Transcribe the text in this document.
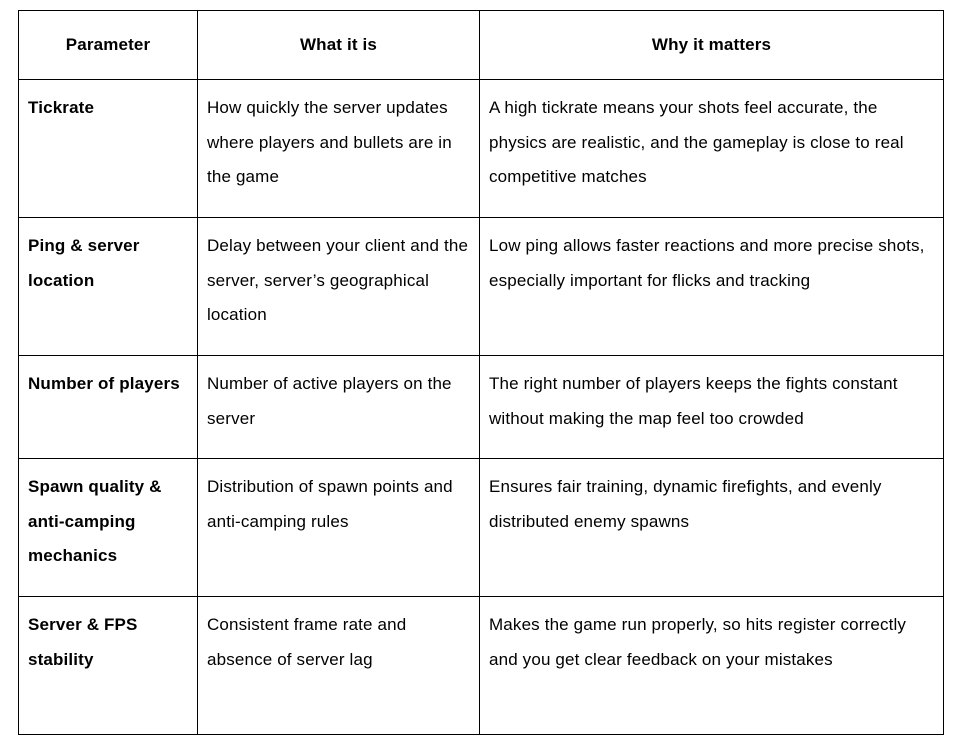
Parameter	What it is	Why it matters
Tickrate	How quickly the server updates where players and bullets are in the game	A high tickrate means your shots feel accurate, the physics are realistic, and the gameplay is close to real competitive matches
Ping & server location	Delay between your client and the server, server’s geographical location	Low ping allows faster reactions and more precise shots, especially important for flicks and tracking
Number of players	Number of active players on the server	The right number of players keeps the fights constant without making the map feel too crowded
Spawn quality & anti-camping mechanics	Distribution of spawn points and anti-camping rules	Ensures fair training, dynamic firefights, and evenly distributed enemy spawns
Server & FPS stability	Consistent frame rate and absence of server lag	Makes the game run properly, so hits register correctly and you get clear feedback on your mistakes
